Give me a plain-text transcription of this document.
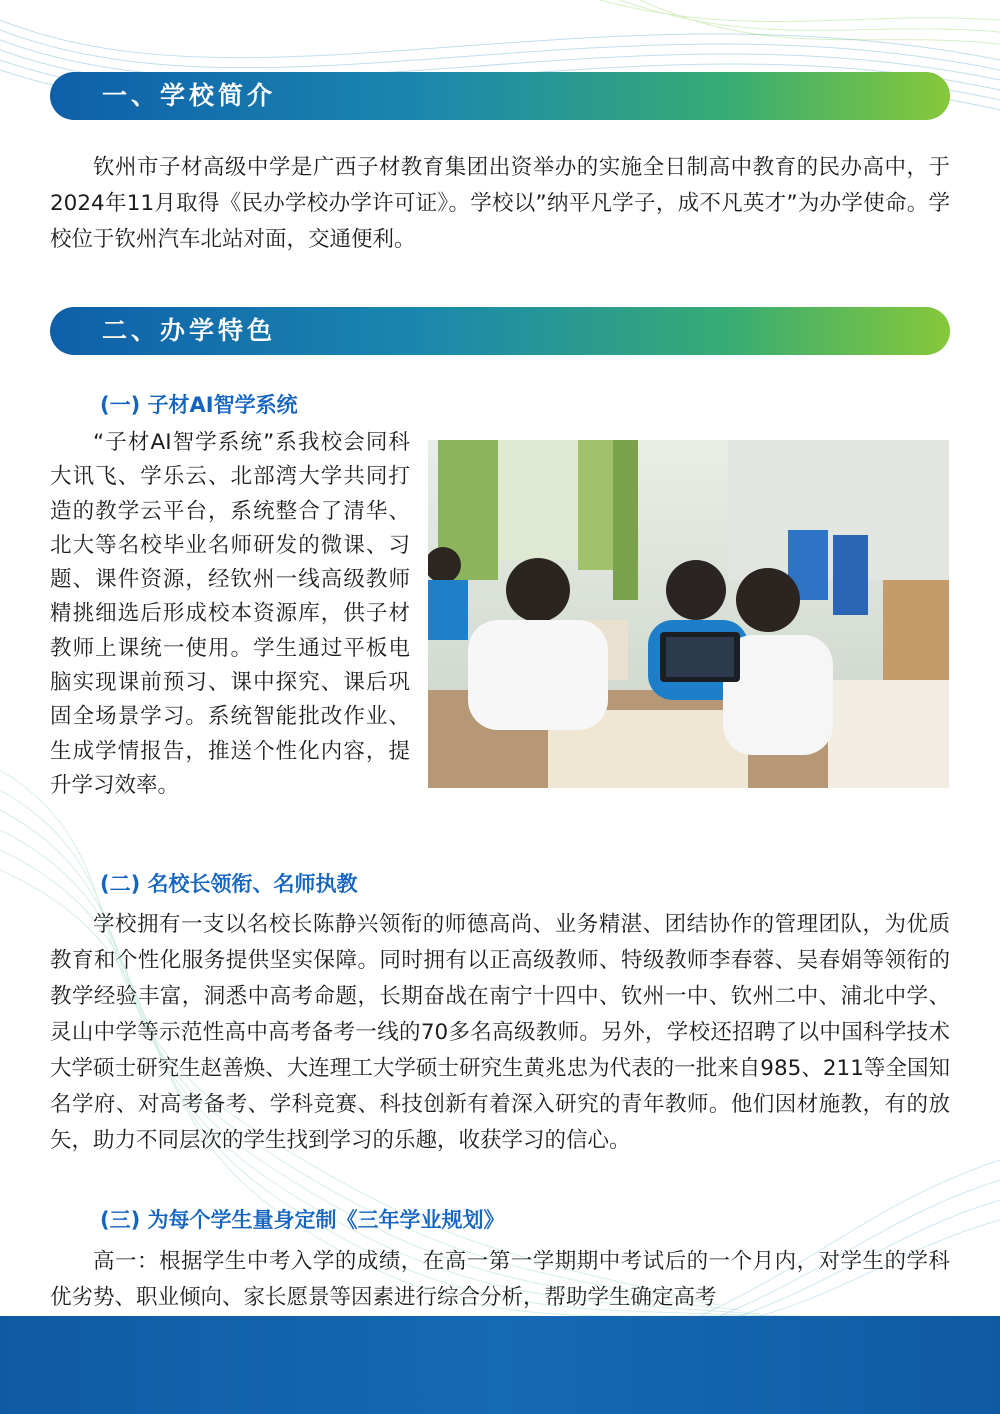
一、学校简介

钦州市子材高级中学是广西子材教育集团出资举办的实施全日制高中教育的民办高中，于2024年11月取得《民办学校办学许可证》。学校以”纳平凡学子，成不凡英才”为办学使命。学校位于钦州汽车北站对面，交通便利。

二、办学特色
(一) 子材AI智学系统

“子材AI智学系统”系我校会同科大讯飞、学乐云、北部湾大学共同打造的教学云平台，系统整合了清华、北大等名校毕业名师研发的微课、习题、课件资源，经钦州一线高级教师精挑细选后形成校本资源库，供子材教师上课统一使用。学生通过平板电脑实现课前预习、课中探究、课后巩固全场景学习。系统智能批改作业、生成学情报告，推送个性化内容，提升学习效率。

(二) 名校长领衔、名师执教

学校拥有一支以名校长陈静兴领衔的师德高尚、业务精湛、团结协作的管理团队，为优质教育和个性化服务提供坚实保障。同时拥有以正高级教师、特级教师李春蓉、吴春娟等领衔的教学经验丰富，洞悉中高考命题，长期奋战在南宁十四中、钦州一中、钦州二中、浦北中学、灵山中学等示范性高中高考备考一线的70多名高级教师。另外，学校还招聘了以中国科学技术大学硕士研究生赵善焕、大连理工大学硕士研究生黄兆忠为代表的一批来自985、211等全国知名学府、对高考备考、学科竞赛、科技创新有着深入研究的青年教师。他们因材施教，有的放矢，助力不同层次的学生找到学习的乐趣，收获学习的信心。

(三) 为每个学生量身定制《三年学业规划》

高一：根据学生中考入学的成绩，在高一第一学期期中考试后的一个月内，对学生的学科优劣势、职业倾向、家长愿景等因素进行综合分析，帮助学生确定高考
